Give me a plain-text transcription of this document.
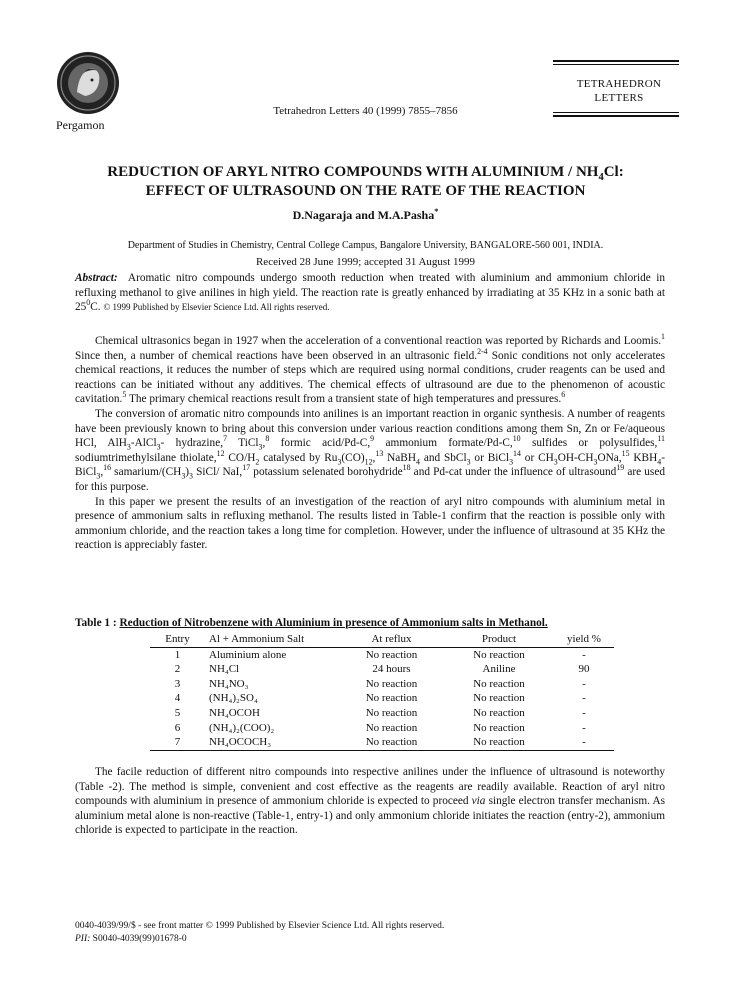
Pergamon
Tetrahedron Letters 40 (1999) 7855–7856
TETRAHEDRON
LETTERS
REDUCTION OF ARYL NITRO COMPOUNDS WITH ALUMINIUM / $NH_4Cl$:
EFFECT OF ULTRASOUND ON THE RATE OF THE REACTION
D.Nagaraja and M.A.Pasha*
Department of Studies in Chemistry, Central College Campus, Bangalore University, BANGALORE-560 001, INDIA.
Received 28 June 1999; accepted 31 August 1999
Abstract: Aromatic nitro compounds undergo smooth reduction when treated with aluminium and ammonium chloride in refluxing methanol to give anilines in high yield. The reaction rate is greatly enhanced by irradiating at 35 KHz in a sonic bath at $25^0C$. © 1999 Published by Elsevier Science Ltd. All rights reserved.

Chemical ultrasonics began in 1927 when the acceleration of a conventional reaction was reported by Richards and Loomis.$^1$ Since then, a number of chemical reactions have been observed in an ultrasonic field.$^{2-4}$ Sonic conditions not only accelerates chemical reactions, it reduces the number of steps which are required using normal conditions, cruder reagents can be used and reactions can be initiated without any additives. The chemical effects of ultrasound are due to the phenomenon of acoustic cavitation.$^5$ The primary chemical reactions result from a transient state of high temperatures and pressures.$^6$

The conversion of aromatic nitro compounds into anilines is an important reaction in organic synthesis. A number of reagents have been previously known to bring about this conversion under various reaction conditions among them Sn, Zn or Fe/aqueous HCl, AlH$_3$-AlCl$_3$- hydrazine,$^7$ TiCl$_3$,$^8$ formic acid/Pd-C,$^9$ ammonium formate/Pd-C,$^{10}$ sulfides or polysulfides,$^{11}$ sodiumtrimethylsilane thiolate,$^{12}$ $CO/H_2$ catalysed by $Ru_3(CO)_{12},^{13}$ NaBH$_4$ and SbCl$_3$ or BiCl$_3^{14}$ or $CH_3OH-CH_3ONa,^{15}$ $KBH_4-BiCl_3,^{16}$ samarium/$(CH_3)_3$ SiCl/ NaI,$^{17}$ potassium selenated borohydride$^{18}$ and Pd-cat under the influence of ultrasound$^{19}$ are used for this purpose.

In this paper we present the results of an investigation of the reaction of aryl nitro compounds with aluminium metal in presence of ammonium salts in refluxing methanol. The results listed in Table-1 confirm that the reaction is possible only with ammonium chloride, and the reaction takes a long time for completion. However, under the influence of ultrasound at 35 KHz the reaction is appreciably faster.

Table 1 : Reduction of Nitrobenzene with Aluminium in presence of Ammonium salts in Methanol.
Entry	Al + Ammonium Salt	At reflux	Product	yield %
1	Aluminium alone	No reaction	No reaction	-
2	NH₄Cl	24 hours	Aniline	90
3	NH₄NO₃	No reaction	No reaction	-
4	(NH₄)₂SO₄	No reaction	No reaction	-
5	NH₄OCOH	No reaction	No reaction	-
6	(NH₄)₂(COO)₂	No reaction	No reaction	-
7	NH₄OCOCH₃	No reaction	No reaction	-

The facile reduction of different nitro compounds into respective anilines under the influence of ultrasound is noteworthy (Table -2). The method is simple, convenient and cost effective as the reagents are readily available. Reaction of aryl nitro compounds with aluminium in presence of ammonium chloride is expected to proceed via single electron transfer mechanism. As aluminium metal alone is non-reactive (Table-1, entry-1) and only ammonium chloride initiates the reaction (entry-2), ammonium chloride is expected to participate in the reaction.

0040-4039/99/$ - see front matter © 1999 Published by Elsevier Science Ltd. All rights reserved.
PII: S0040-4039(99)01678-0
